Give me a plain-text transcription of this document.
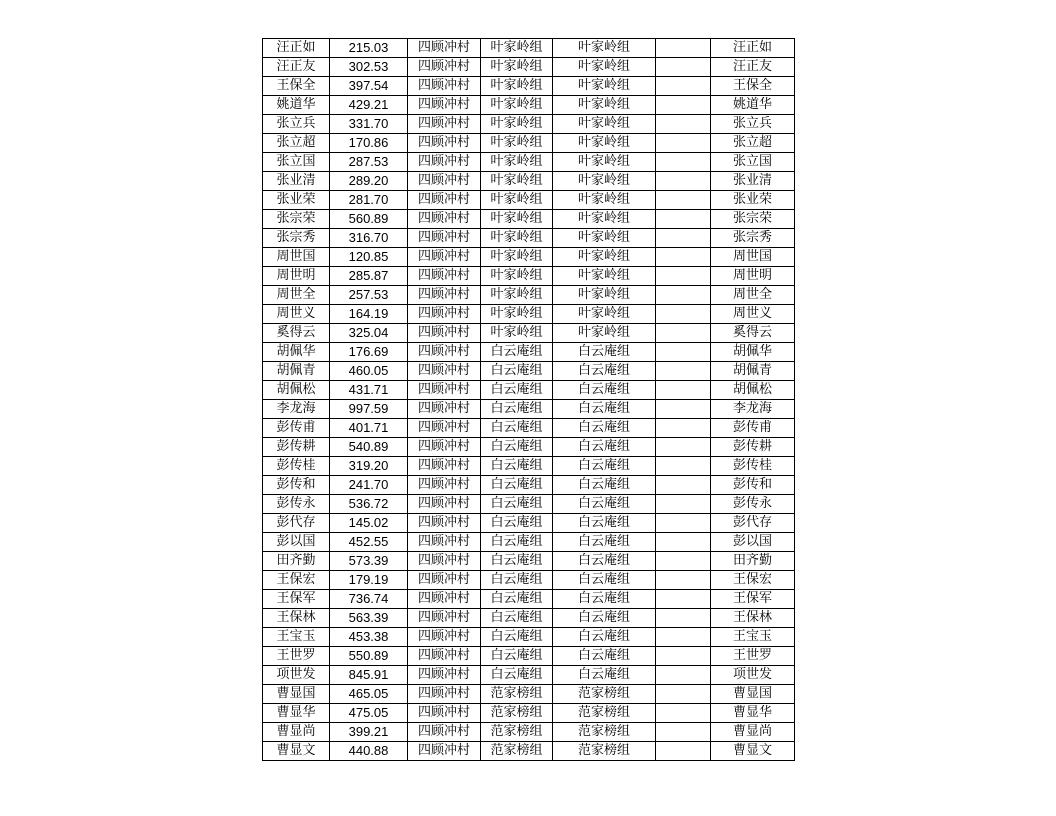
汪正如	215.03	四顾冲村	叶家岭组	叶家岭组		汪正如
汪正友	302.53	四顾冲村	叶家岭组	叶家岭组		汪正友
王保全	397.54	四顾冲村	叶家岭组	叶家岭组		王保全
姚道华	429.21	四顾冲村	叶家岭组	叶家岭组		姚道华
张立兵	331.70	四顾冲村	叶家岭组	叶家岭组		张立兵
张立超	170.86	四顾冲村	叶家岭组	叶家岭组		张立超
张立国	287.53	四顾冲村	叶家岭组	叶家岭组		张立国
张业清	289.20	四顾冲村	叶家岭组	叶家岭组		张业清
张业荣	281.70	四顾冲村	叶家岭组	叶家岭组		张业荣
张宗荣	560.89	四顾冲村	叶家岭组	叶家岭组		张宗荣
张宗秀	316.70	四顾冲村	叶家岭组	叶家岭组		张宗秀
周世国	120.85	四顾冲村	叶家岭组	叶家岭组		周世国
周世明	285.87	四顾冲村	叶家岭组	叶家岭组		周世明
周世全	257.53	四顾冲村	叶家岭组	叶家岭组		周世全
周世义	164.19	四顾冲村	叶家岭组	叶家岭组		周世义
奚得云	325.04	四顾冲村	叶家岭组	叶家岭组		奚得云
胡佩华	176.69	四顾冲村	白云庵组	白云庵组		胡佩华
胡佩青	460.05	四顾冲村	白云庵组	白云庵组		胡佩青
胡佩松	431.71	四顾冲村	白云庵组	白云庵组		胡佩松
李龙海	997.59	四顾冲村	白云庵组	白云庵组		李龙海
彭传甫	401.71	四顾冲村	白云庵组	白云庵组		彭传甫
彭传耕	540.89	四顾冲村	白云庵组	白云庵组		彭传耕
彭传桂	319.20	四顾冲村	白云庵组	白云庵组		彭传桂
彭传和	241.70	四顾冲村	白云庵组	白云庵组		彭传和
彭传永	536.72	四顾冲村	白云庵组	白云庵组		彭传永
彭代存	145.02	四顾冲村	白云庵组	白云庵组		彭代存
彭以国	452.55	四顾冲村	白云庵组	白云庵组		彭以国
田齐勤	573.39	四顾冲村	白云庵组	白云庵组		田齐勤
王保宏	179.19	四顾冲村	白云庵组	白云庵组		王保宏
王保军	736.74	四顾冲村	白云庵组	白云庵组		王保军
王保林	563.39	四顾冲村	白云庵组	白云庵组		王保林
王宝玉	453.38	四顾冲村	白云庵组	白云庵组		王宝玉
王世罗	550.89	四顾冲村	白云庵组	白云庵组		王世罗
项世发	845.91	四顾冲村	白云庵组	白云庵组		项世发
曹显国	465.05	四顾冲村	范家榜组	范家榜组		曹显国
曹显华	475.05	四顾冲村	范家榜组	范家榜组		曹显华
曹显尚	399.21	四顾冲村	范家榜组	范家榜组		曹显尚
曹显文	440.88	四顾冲村	范家榜组	范家榜组		曹显文
